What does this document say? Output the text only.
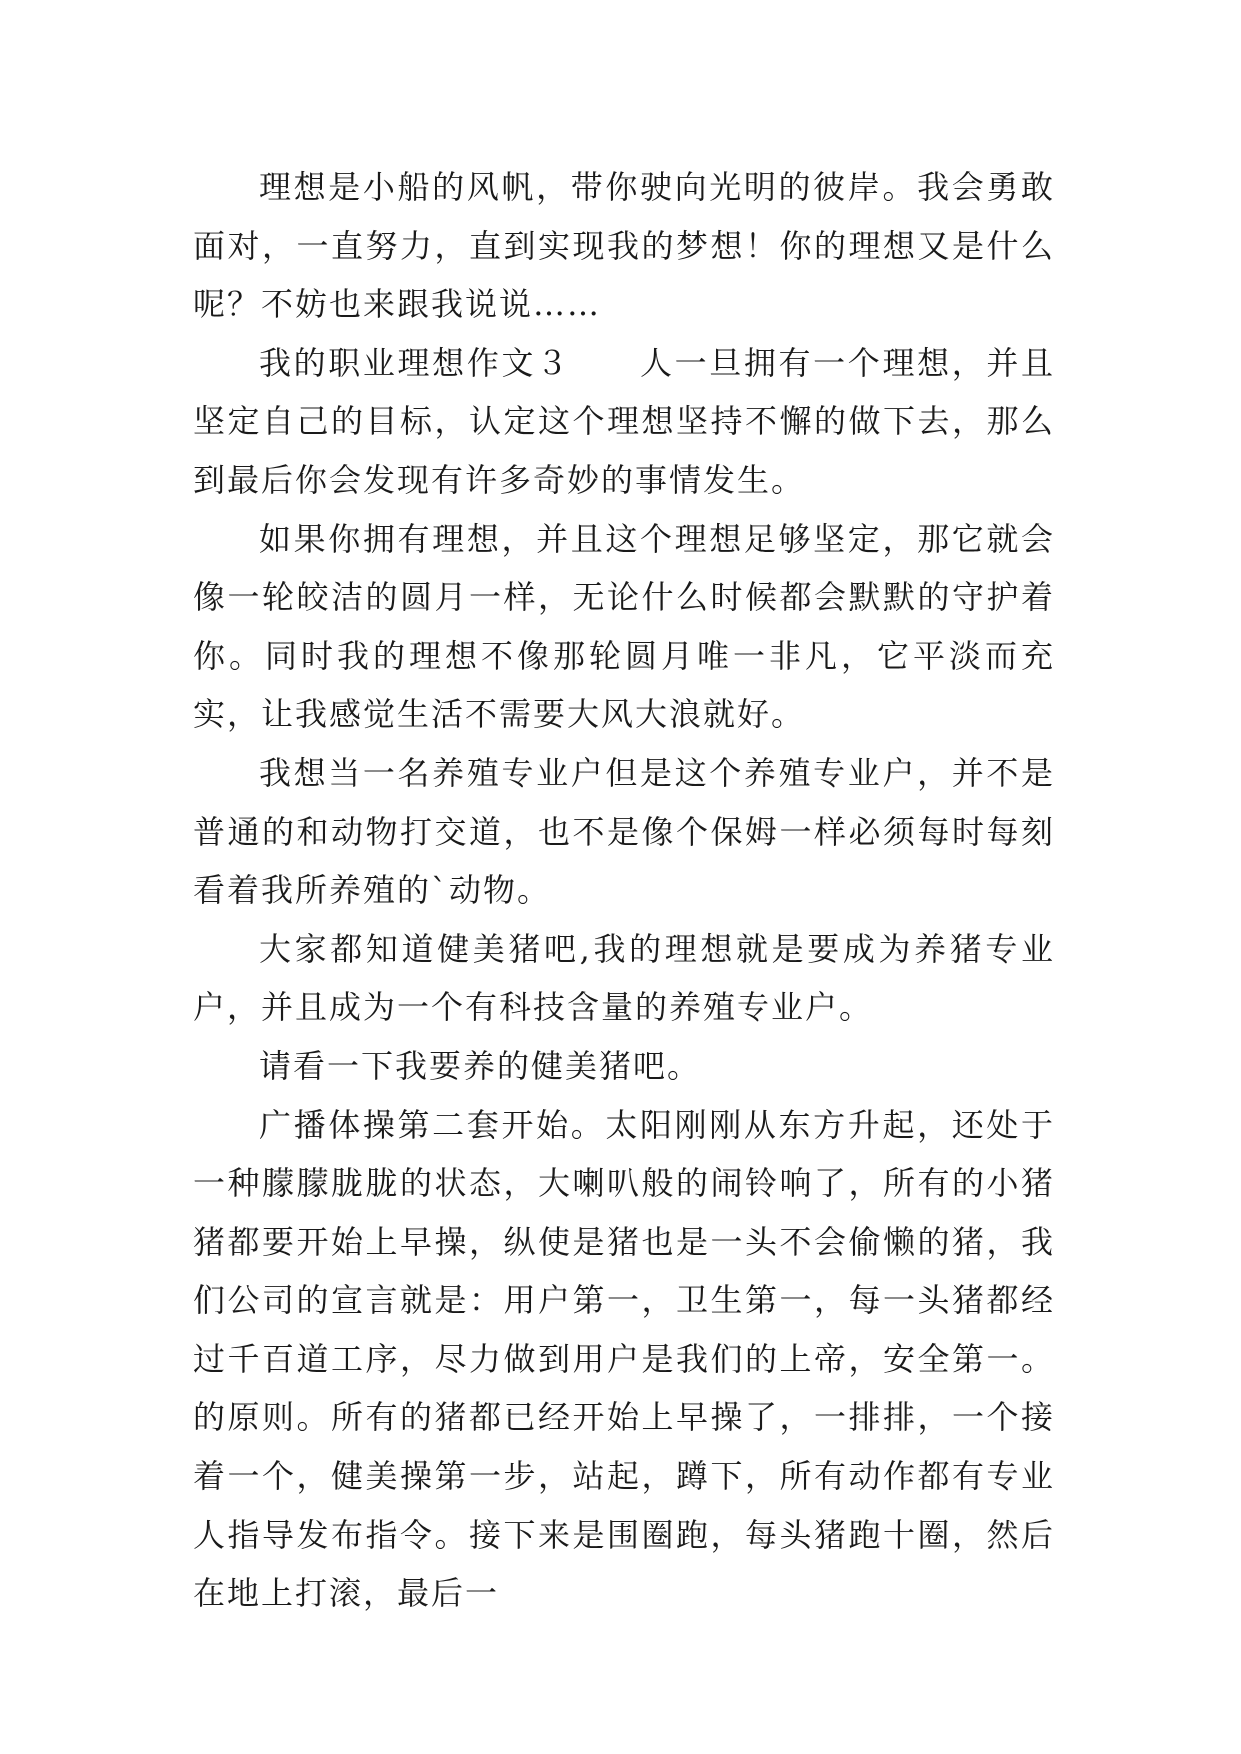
理想是小船的风帆，带你驶向光明的彼岸。我会勇敢面对，一直努力，直到实现我的梦想！你的理想又是什么呢？不妨也来跟我说说……

我的职业理想作文３　　人一旦拥有一个理想，并且坚定自己的目标，认定这个理想坚持不懈的做下去，那么到最后你会发现有许多奇妙的事情发生。

如果你拥有理想，并且这个理想足够坚定，那它就会像一轮皎洁的圆月一样，无论什么时候都会默默的守护着你。同时我的理想不像那轮圆月唯一非凡，它平淡而充实，让我感觉生活不需要大风大浪就好。

我想当一名养殖专业户但是这个养殖专业户，并不是普通的和动物打交道，也不是像个保姆一样必须每时每刻看着我所养殖的`动物。

大家都知道健美猪吧,我的理想就是要成为养猪专业户，并且成为一个有科技含量的养殖专业户。

请看一下我要养的健美猪吧。

广播体操第二套开始。太阳刚刚从东方升起，还处于一种朦朦胧胧的状态，大喇叭般的闹铃响了，所有的小猪猪都要开始上早操，纵使是猪也是一头不会偷懒的猪，我们公司的宣言就是：用户第一，卫生第一，每一头猪都经过千百道工序，尽力做到用户是我们的上帝，安全第一。的原则。所有的猪都已经开始上早操了，一排排，一个接着一个，健美操第一步，站起，蹲下，所有动作都有专业人指导发布指令。接下来是围圈跑，每头猪跑十圈，然后在地上打滚，最后一
